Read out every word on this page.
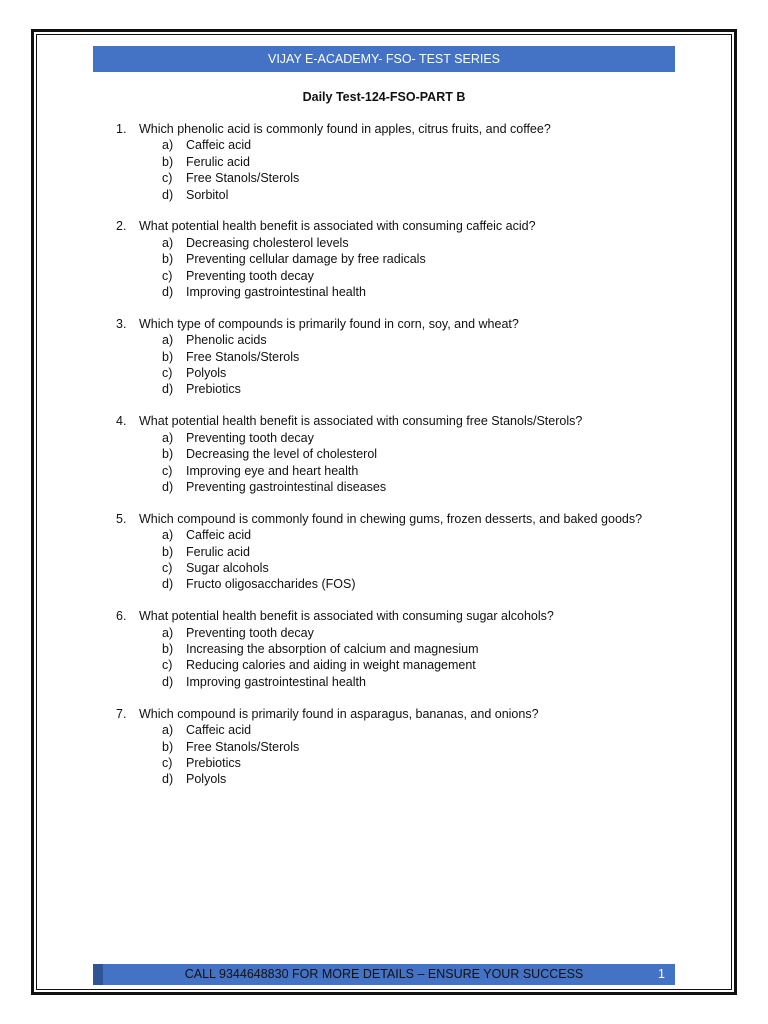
VIJAY E-ACADEMY- FSO- TEST SERIES
Daily Test-124-FSO-PART B
1. Which phenolic acid is commonly found in apples, citrus fruits, and coffee?
a) Caffeic acid
b) Ferulic acid
c) Free Stanols/Sterols
d) Sorbitol
2. What potential health benefit is associated with consuming caffeic acid?
a) Decreasing cholesterol levels
b) Preventing cellular damage by free radicals
c) Preventing tooth decay
d) Improving gastrointestinal health
3. Which type of compounds is primarily found in corn, soy, and wheat?
a) Phenolic acids
b) Free Stanols/Sterols
c) Polyols
d) Prebiotics
4. What potential health benefit is associated with consuming free Stanols/Sterols?
a) Preventing tooth decay
b) Decreasing the level of cholesterol
c) Improving eye and heart health
d) Preventing gastrointestinal diseases
5. Which compound is commonly found in chewing gums, frozen desserts, and baked goods?
a) Caffeic acid
b) Ferulic acid
c) Sugar alcohols
d) Fructo oligosaccharides (FOS)
6. What potential health benefit is associated with consuming sugar alcohols?
a) Preventing tooth decay
b) Increasing the absorption of calcium and magnesium
c) Reducing calories and aiding in weight management
d) Improving gastrointestinal health
7. Which compound is primarily found in asparagus, bananas, and onions?
a) Caffeic acid
b) Free Stanols/Sterols
c) Prebiotics
d) Polyols
CALL 9344648830 FOR MORE DETAILS – ENSURE YOUR SUCCESS	1
